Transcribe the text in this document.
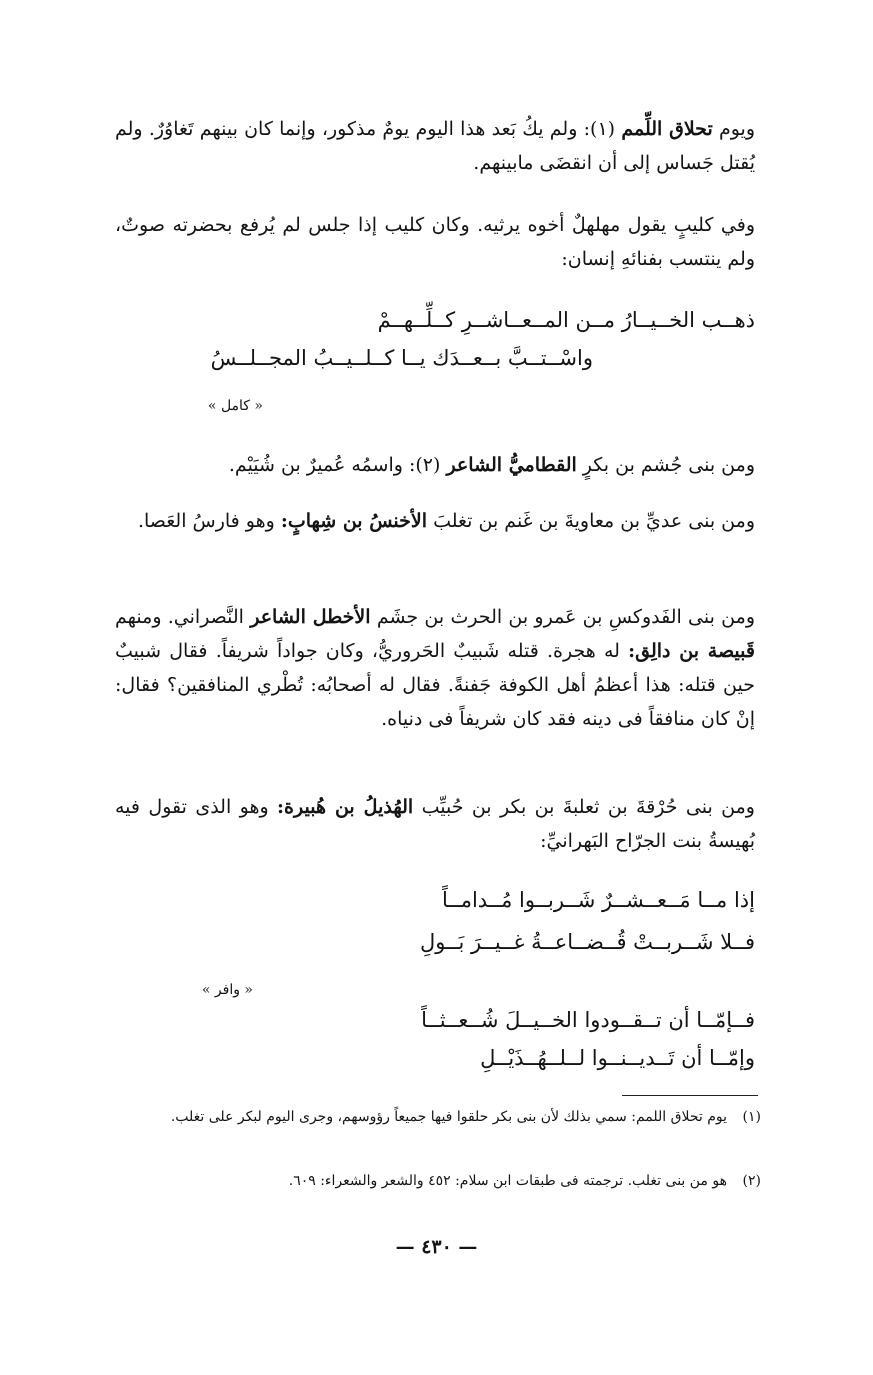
ويوم تحلاق اللِّمم (١): ولم يكُ بَعد هذا اليوم يومٌ مذكور، وإنما كان بينهم تَغاوُرٌ. ولم يُقتل جَساس إلى أن انقضَى مابينهم.

وفي كليبٍ يقول مهلهلٌ أخوه يرثيه. وكان كليب إذا جلس لم يُرفع بحضرته صوتٌ، ولم ينتسب بفنائهِ إنسان:

ذهــب الخــيــارُ مــن المــعــاشــرِ كــلِّــهــمْ
واسْــتــبَّ بــعــدَك يــا كــلــيــبُ المجــلــسُ
« كامل »

ومن بنى جُشم بن بكرٍ القطاميُّ الشاعر (٢): واسمُه عُميرٌ بن شُيَيْم.

ومن بنى عديِّ بن معاويةَ بن غَنم بن تغلبَ الأخنسُ بن شِهابٍ: وهو فارسُ العَصا.

ومن بنى الفَدوكسِ بن عَمرو بن الحرث بن جشَم الأخطل الشاعر النَّصراني. ومنهم قَبيصة بن دالِق: له هجرة. قتله شَبيبٌ الحَروريُّ، وكان جواداً شريفاً. فقال شبيبٌ حين قتله: هذا أعظمُ أهل الكوفة جَفنةً. فقال له أصحابُه: تُطْري المنافقين؟ فقال: إنْ كان منافقاً فى دينه فقد كان شريفاً فى دنياه.

ومن بنى حُرْقةَ بن ثعلبةَ بن بكر بن حُبيِّب الهُذيلُ بن هُبيرة: وهو الذى تقول فيه بُهيسةُ بنت الجرّاح البَهرانيِّ:

إذا مــا مَــعــشــرٌ شَــربــوا مُــدامــاً
فــلا شَــربــتْ قُــضــاعــةُ غــيــرَ بَــولِ
« وافر »
فــإمّــا أن تــقــودوا الخــيــلَ شُــعــثــاً
وإمّــا أن تَــديــنــوا لــلــهُــذَيْــلِ
(١)يوم تحلاق اللمم: سمي بذلك لأن بنى بكر حلقوا فيها جميعاً رؤوسهم، وجرى اليوم لبكر على تغلب.
(٢)هو من بنى تغلب. ترجمته فى طبقات ابن سلام: ٤٥٢ والشعر والشعراء: ٦٠٩.
— ٤٣٠ —
